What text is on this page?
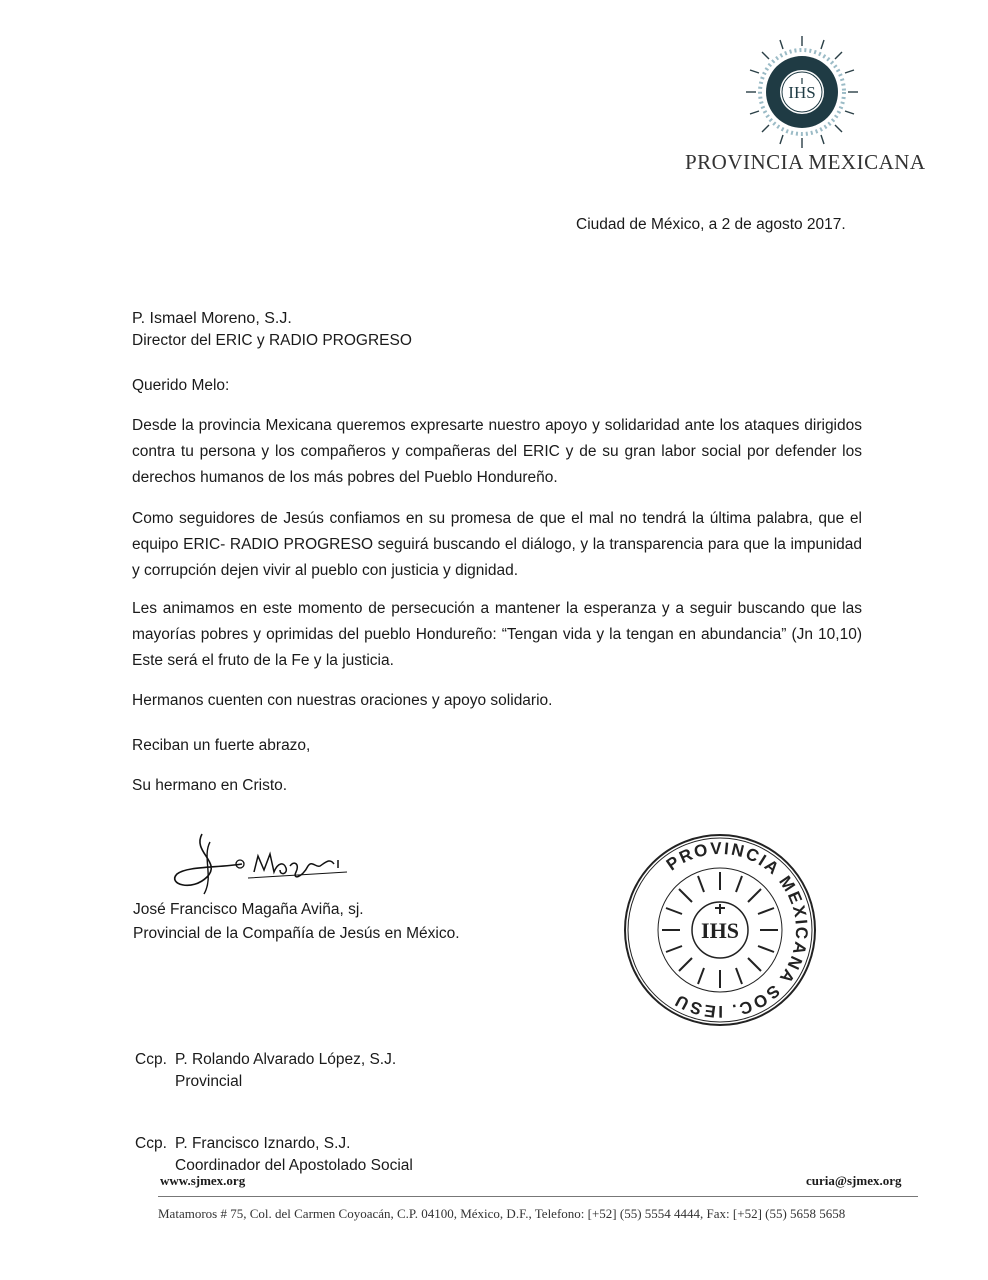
IHS
PROVINCIA MEXICANA
Ciudad de México, a 2 de agosto 2017.
P. Ismael Moreno, S.J.
Director del ERIC y RADIO PROGRESO

Querido Melo:

Desde la provincia Mexicana queremos expresarte nuestro apoyo y solidaridad ante los ataques dirigidos contra tu persona y los compañeros y compañeras del ERIC y de su gran labor social por defender los derechos humanos de los más pobres del Pueblo Hondureño.

Como seguidores de Jesús confiamos en su promesa de que el mal no tendrá la última palabra, que el equipo ERIC- RADIO PROGRESO seguirá buscando el diálogo, y la transparencia para que la impunidad y corrupción dejen vivir al pueblo con justicia y dignidad.

Les animamos en este momento de persecución a mantener la esperanza y a seguir buscando que las mayorías pobres y oprimidas del pueblo Hondureño: “Tengan vida y la tengan en abundancia” (Jn 10,10) Este será el fruto de la Fe y la justicia.

Hermanos cuenten con nuestras oraciones y apoyo solidario.

Reciban un fuerte abrazo,

Su hermano en Cristo.

José Francisco Magaña Aviña, sj.
Provincial de la Compañía de Jesús en México.
PROVINCIA MEXICANA SOC. IESU
IHS
Ccp. P. Rolando Alvarado López, S.J.
Provincial
Ccp. P. Francisco Iznardo, S.J.
Coordinador del Apostolado Social
www.sjmex.org	curia@sjmex.org
Matamoros # 75, Col. del Carmen Coyoacán, C.P. 04100, México, D.F., Telefono: [+52] (55) 5554 4444, Fax: [+52] (55) 5658 5658
